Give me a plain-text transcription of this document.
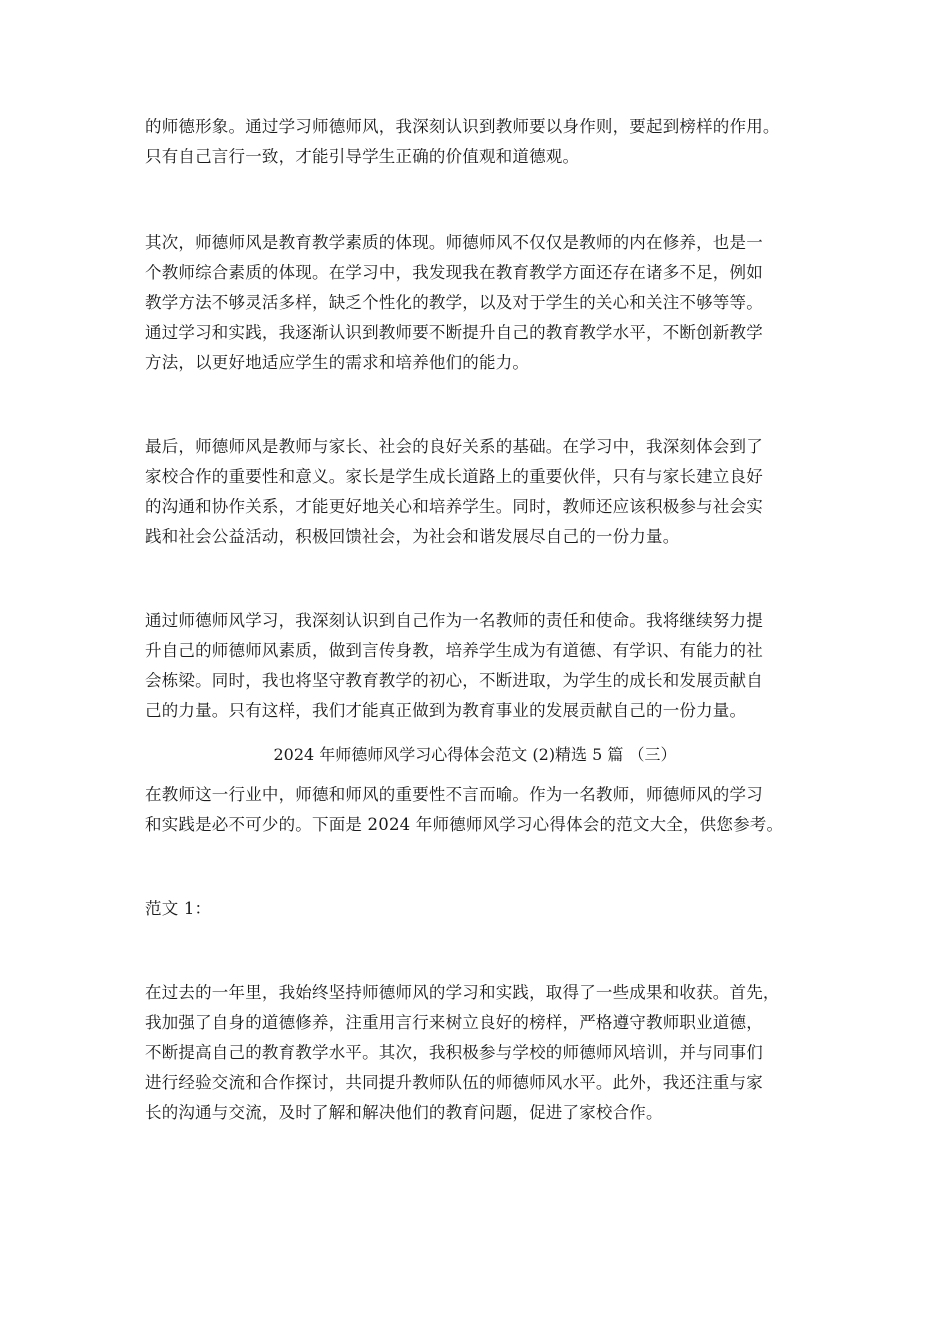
的师德形象。通过学习师德师风，我深刻认识到教师要以身作则，要起到榜样的作用。
只有自己言行一致，才能引导学生正确的价值观和道德观。
其次，师德师风是教育教学素质的体现。师德师风不仅仅是教师的内在修养，也是一
个教师综合素质的体现。在学习中，我发现我在教育教学方面还存在诸多不足，例如
教学方法不够灵活多样，缺乏个性化的教学，以及对于学生的关心和关注不够等等。
通过学习和实践，我逐渐认识到教师要不断提升自己的教育教学水平，不断创新教学
方法，以更好地适应学生的需求和培养他们的能力。
最后，师德师风是教师与家长、社会的良好关系的基础。在学习中，我深刻体会到了
家校合作的重要性和意义。家长是学生成长道路上的重要伙伴，只有与家长建立良好
的沟通和协作关系，才能更好地关心和培养学生。同时，教师还应该积极参与社会实
践和社会公益活动，积极回馈社会，为社会和谐发展尽自己的一份力量。
通过师德师风学习，我深刻认识到自己作为一名教师的责任和使命。我将继续努力提
升自己的师德师风素质，做到言传身教，培养学生成为有道德、有学识、有能力的社
会栋梁。同时，我也将坚守教育教学的初心，不断进取，为学生的成长和发展贡献自
己的力量。只有这样，我们才能真正做到为教育事业的发展贡献自己的一份力量。
2024 年师德师风学习心得体会范文 (2)精选 5 篇 （三）
在教师这一行业中，师德和师风的重要性不言而喻。作为一名教师，师德师风的学习
和实践是必不可少的。下面是 2024 年师德师风学习心得体会的范文大全，供您参考。
范文 1：
在过去的一年里，我始终坚持师德师风的学习和实践，取得了一些成果和收获。首先，
我加强了自身的道德修养，注重用言行来树立良好的榜样，严格遵守教师职业道德，
不断提高自己的教育教学水平。其次，我积极参与学校的师德师风培训，并与同事们
进行经验交流和合作探讨，共同提升教师队伍的师德师风水平。此外，我还注重与家
长的沟通与交流，及时了解和解决他们的教育问题，促进了家校合作。
